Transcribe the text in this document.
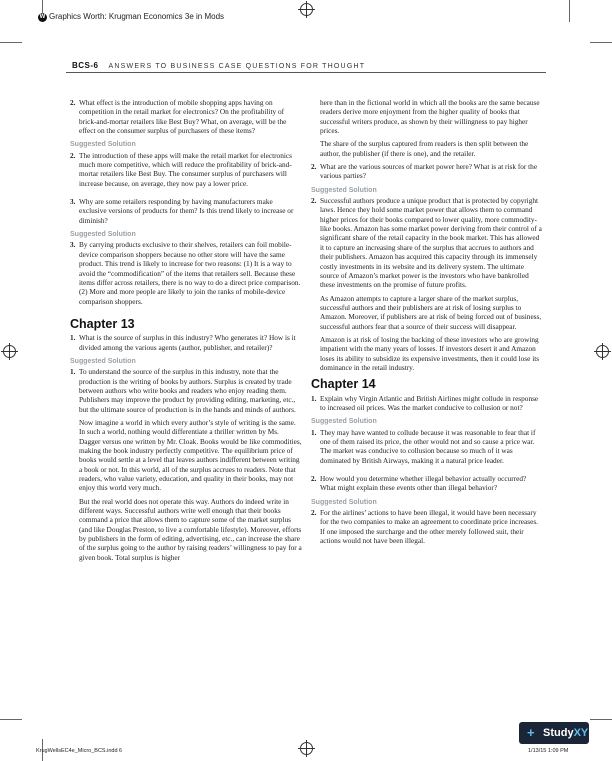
W Graphics Worth: Krugman Economics 3e in Mods
BCS-6 ANSWERS TO BUSINESS CASE QUESTIONS FOR THOUGHT

2. What effect is the introduction of mobile shopping apps having on competition in the retail market for electronics? On the profitability of brick-and-mortar retailers like Best Buy? What, on average, will be the effect on the consumer surplus of purchasers of these items?

Suggested Solution

2. The introduction of these apps will make the retail market for electronics much more competitive, which will reduce the profitability of brick-and-mortar retailers like Best Buy. The consumer surplus of purchasers will increase because, on average, they now pay a lower price.

3. Why are some retailers responding by having manufacturers make exclusive versions of products for them? Is this trend likely to increase or diminish?

Suggested Solution

3. By carrying products exclusive to their shelves, retailers can foil mobile-device comparison shoppers because no other store will have the same product. This trend is likely to increase for two reasons: (1) It is a way to avoid the “commodification” of the items that retailers sell. Because these items differ across retailers, there is no way to do a direct price comparison. (2) More and more people are likely to join the ranks of mobile-device comparison shoppers.

Chapter 13

1. What is the source of surplus in this industry? Who generates it? How is it divided among the various agents (author, publisher, and retailer)?

Suggested Solution

1. To understand the source of the surplus in this industry, note that the production is the writing of books by authors. Surplus is created by trade between authors who write books and readers who enjoy reading them. Publishers may improve the product by providing editing, marketing, etc., but the ultimate source of production is in the hands and minds of authors.

Now imagine a world in which every author’s style of writing is the same. In such a world, nothing would differentiate a thriller written by Ms. Dagger versus one written by Mr. Cloak. Books would be like commodities, making the book industry perfectly competitive. The equilibrium price of books would settle at a level that leaves authors indifferent between writing a book or not. In this world, all of the surplus accrues to readers. Note that readers, who value variety, education, and quality in their books, may not enjoy this world very much.

But the real world does not operate this way. Authors do indeed write in different ways. Successful authors write well enough that their books command a price that allows them to capture some of the market surplus (and like Douglas Preston, to live a comfortable lifestyle). Moreover, efforts by publishers in the form of editing, advertising, etc., can increase the share of the surplus going to the author by raising readers’ willingness to pay for a given book. Total surplus is higher

here than in the fictional world in which all the books are the same because readers derive more enjoyment from the higher quality of books that successful writers produce, as shown by their willingness to pay higher prices.

The share of the surplus captured from readers is then split between the author, the publisher (if there is one), and the retailer.

2. What are the various sources of market power here? What is at risk for the various parties?

Suggested Solution

2. Successful authors produce a unique product that is protected by copyright laws. Hence they hold some market power that allows them to command higher prices for their books compared to lower quality, more commodity-like books. Amazon has some market power deriving from their control of a significant share of the retail capacity in the book market. This has allowed it to capture an increasing share of the surplus that accrues to authors and their publishers. Amazon has acquired this capacity through its immensely costly investments in its website and its delivery system. The ultimate source of Amazon’s market power is the investors who have bankrolled these investments on the promise of future profits.

As Amazon attempts to capture a larger share of the market surplus, successful authors and their publishers are at risk of losing surplus to Amazon. Moreover, if publishers are at risk of being forced out of business, successful authors fear that a source of their success will disappear.

Amazon is at risk of losing the backing of these investors who are growing impatient with the many years of losses. If investors desert it and Amazon loses its ability to subsidize its expensive investments, then it could lose its dominance in the retail industry.

Chapter 14

1. Explain why Virgin Atlantic and British Airlines might collude in response to increased oil prices. Was the market conducive to collusion or not?

Suggested Solution

1. They may have wanted to collude because it was reasonable to fear that if one of them raised its price, the other would not and so cause a price war. The market was conducive to collusion because so much of it was dominated by British Airways, making it a natural price leader.

2. How would you determine whether illegal behavior actually occurred? What might explain these events other than illegal behavior?

Suggested Solution

2. For the airlines’ actions to have been illegal, it would have been necessary for the two companies to make an agreement to coordinate price increases. If one imposed the surcharge and the other merely followed suit, their actions would not have been illegal.

+ StudyXY
KrugWellsEC4e_Micro_BCS.indd 6	1/13/15 1:09 PM
